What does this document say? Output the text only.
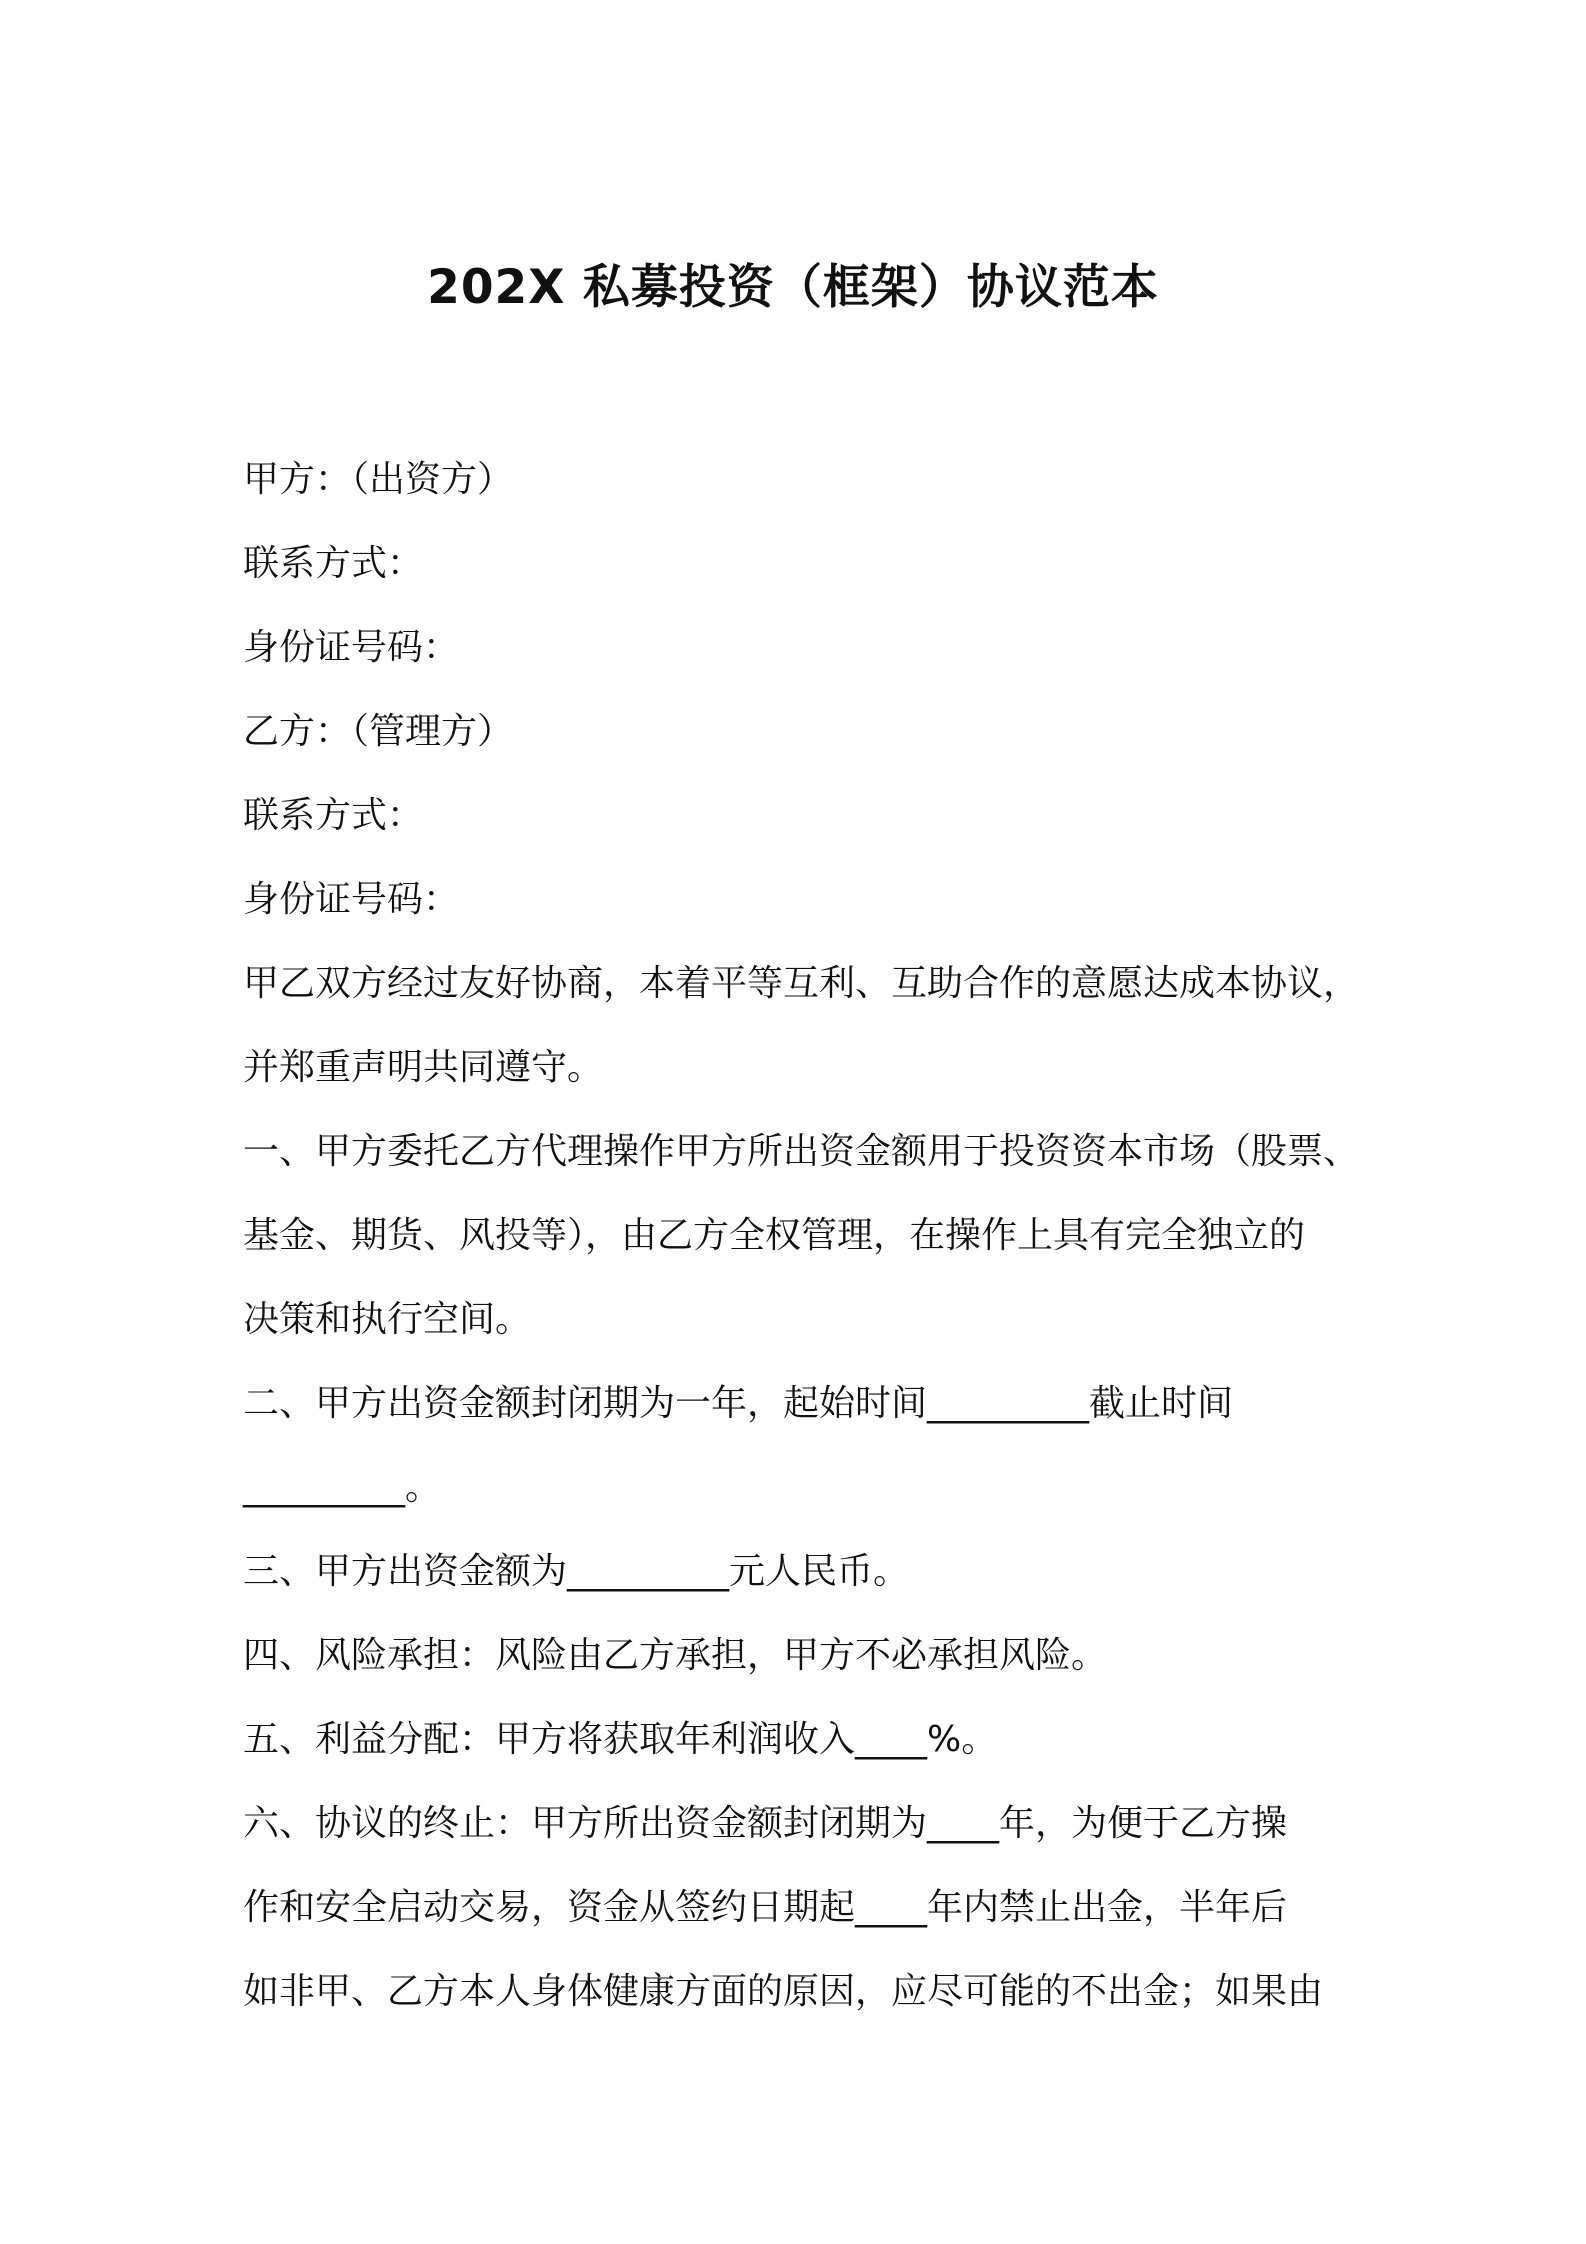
202X 私募投资（框架）协议范本
甲方：（出资方）
联系方式：
身份证号码：
乙方：（管理方）
联系方式：
身份证号码：
甲乙双方经过友好协商，本着平等互利、互助合作的意愿达成本协议，
并郑重声明共同遵守。
一、甲方委托乙方代理操作甲方所出资金额用于投资资本市场（股票、
基金、期货、风投等），由乙方全权管理，在操作上具有完全独立的
决策和执行空间。
二、甲方出资金额封闭期为一年，起始时间_________截止时间
_________。
三、甲方出资金额为_________元人民币。
四、风险承担：风险由乙方承担，甲方不必承担风险。
五、利益分配：甲方将获取年利润收入____%。
六、协议的终止：甲方所出资金额封闭期为____年，为便于乙方操
作和安全启动交易，资金从签约日期起____年内禁止出金，半年后
如非甲、乙方本人身体健康方面的原因，应尽可能的不出金；如果由
